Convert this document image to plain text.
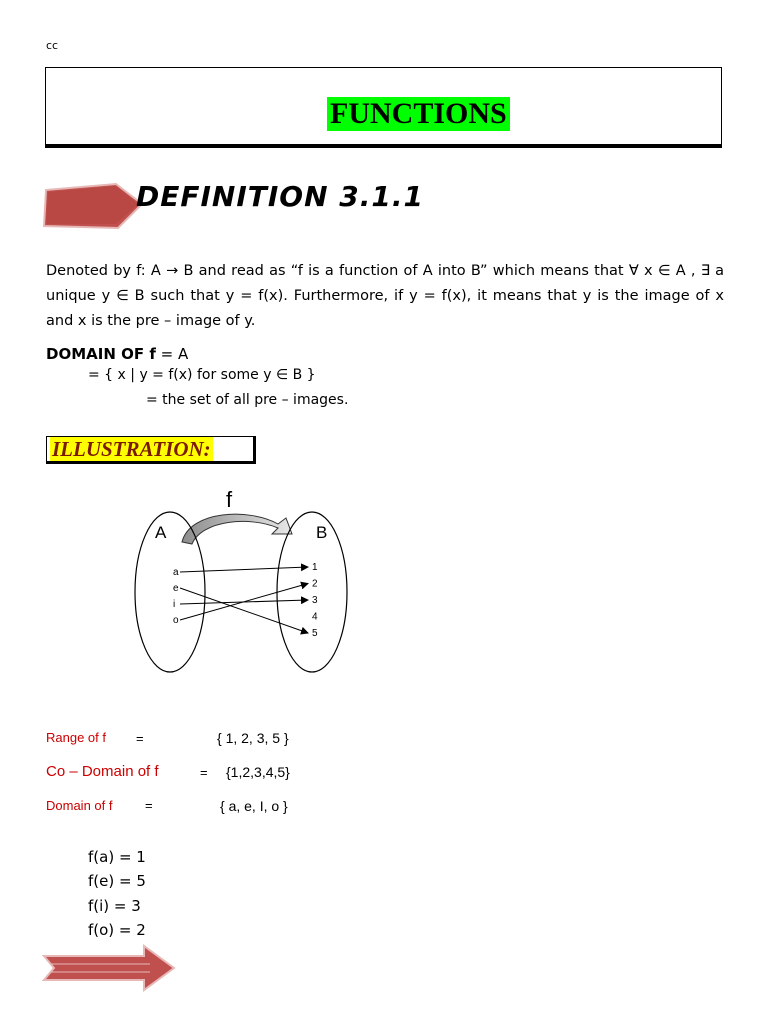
cc
FUNCTIONS
DEFINITION 3.1.1
Denoted by f: A → B and read as “f is a function of A into B” which means that ∀ x ∈ A , ∃ a unique y ∈ B such that y = f(x). Furthermore, if y = f(x), it means that y is the image of x and x is the pre – image of y.
DOMAIN OF f = A
= { x | y = f(x) for some y ∈ B }
= the set of all pre – images.
ILLUSTRATION:
f
A	B
a
e
i
o
1
2
3
4
5
Range of f =	{ 1, 2, 3, 5 }
Co – Domain of f	= {1,2,3,4,5}
Domain of f	=	{ a, e, I, o }
f(a) = 1
f(e) = 5
f(i) = 3
f(o) = 2
